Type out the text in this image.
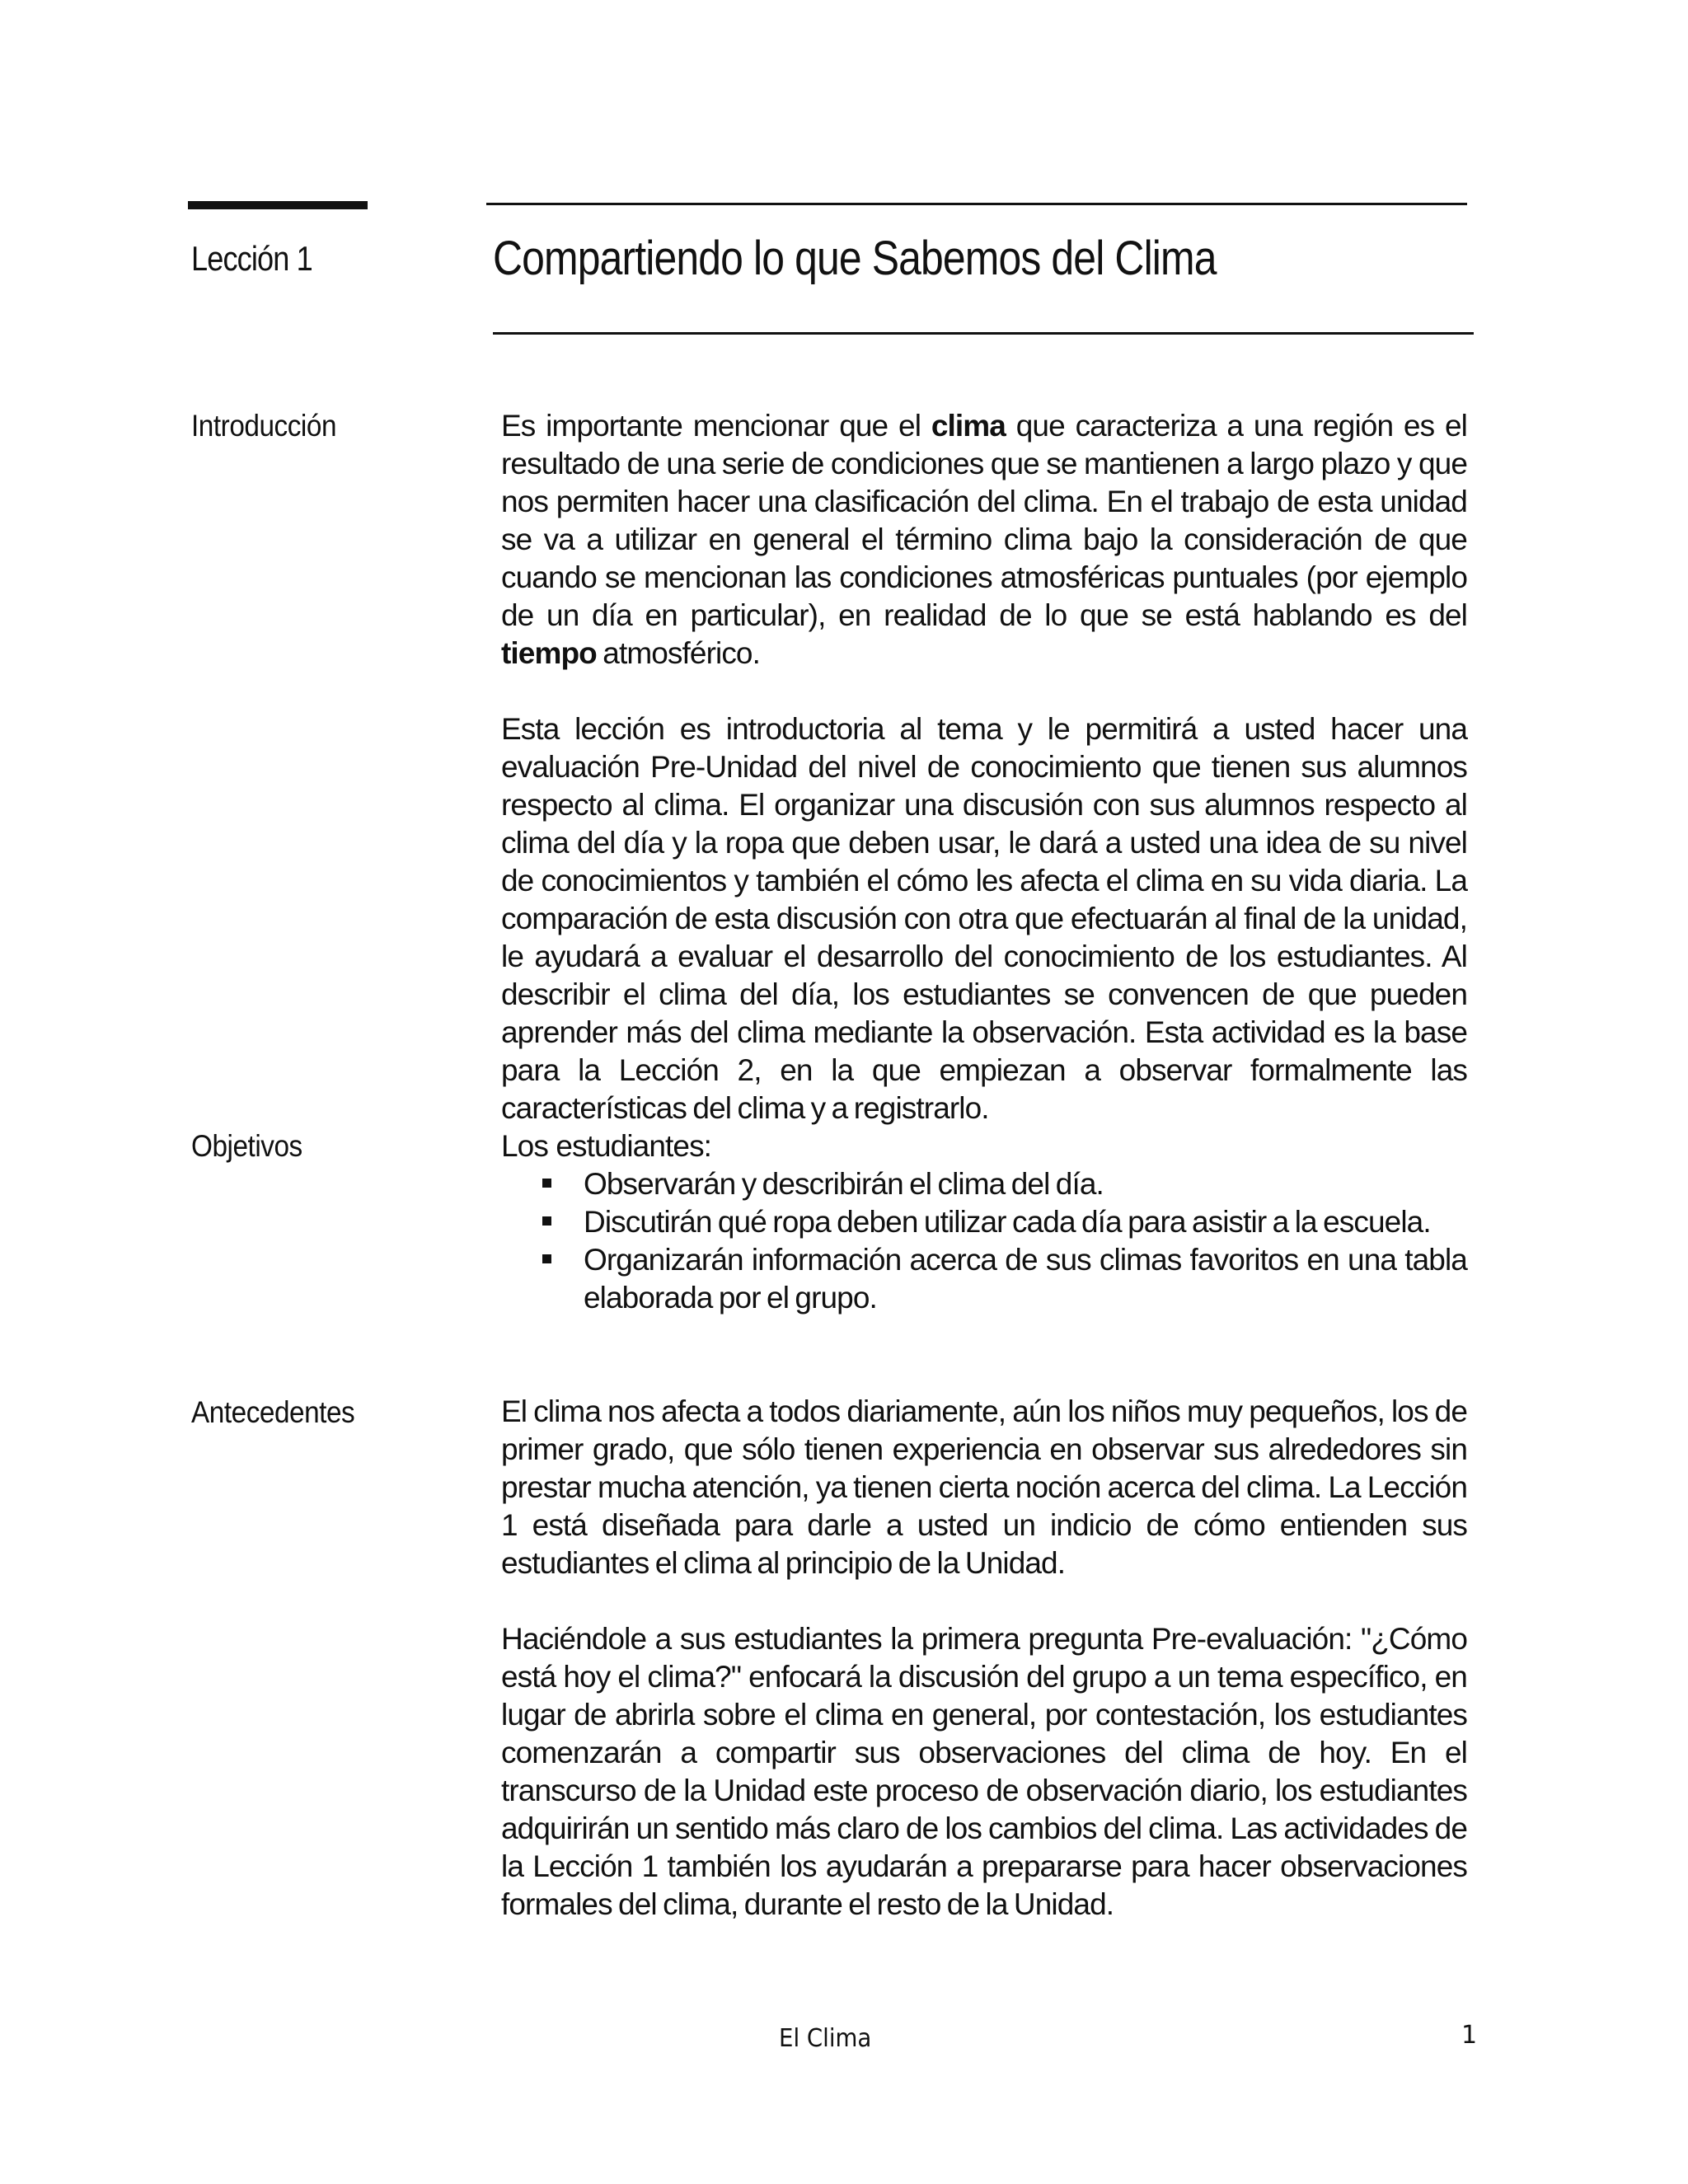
Lección 1	Compartiendo lo que Sabemos del Clima
Introducción	Es importante mencionar que el clima que caracteriza a una región es el resultado de una serie de condiciones que se mantienen a largo plazo y que nos permiten hacer una clasificación del clima. En el trabajo de esta unidad se va a utilizar en general el término clima bajo la consideración de que cuando se mencionan las condiciones atmosféricas puntuales (por ejemplo de un día en particular), en realidad de lo que se está hablando es del tiempo atmosférico.

Esta lección es introductoria al tema y le permitirá a usted hacer una evaluación Pre-Unidad del nivel de conocimiento que tienen sus alumnos respecto al clima. El organizar una discusión con sus alumnos respecto al clima del día y la ropa que deben usar, le dará a usted una idea de su nivel de conocimientos y también el cómo les afecta el clima en su vida diaria. La comparación de esta discusión con otra que efectuarán al final de la unidad, le ayudará a evaluar el desarrollo del conocimiento de los estudiantes. Al describir el clima del día, los estudiantes se convencen de que pueden aprender más del clima mediante la observación. Esta actividad es la base para la Lección 2, en la que empiezan a observar formalmente las características del clima y a registrarlo.

Objetivos	Los estudiantes:

Observarán y describirán el clima del día.
Discutirán qué ropa deben utilizar cada día para asistir a la escuela.
Organizarán información acerca de sus climas favoritos en una tabla elaborada por el grupo.
Antecedentes	El clima nos afecta a todos diariamente, aún los niños muy pequeños, los de primer grado, que sólo tienen experiencia en observar sus alrededores sin prestar mucha atención, ya tienen cierta noción acerca del clima. La Lección 1 está diseñada para darle a usted un indicio de cómo entienden sus estudiantes el clima al principio de la Unidad.

Haciéndole a sus estudiantes la primera pregunta Pre-evaluación: "¿Cómo está hoy el clima?" enfocará la discusión del grupo a un tema específico, en lugar de abrirla sobre el clima en general, por contestación, los estudiantes comenzarán a compartir sus observaciones del clima de hoy. En el transcurso de la Unidad este proceso de observación diario, los estudiantes adquirirán un sentido más claro de los cambios del clima. Las actividades de la Lección 1 también los ayudarán a prepararse para hacer observaciones formales del clima, durante el resto de la Unidad.

El Clima	1
